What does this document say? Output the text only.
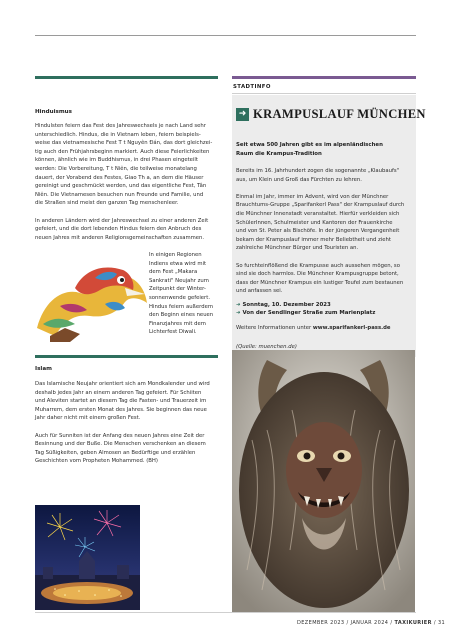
STADTINFO
Hinduismus

Hindulsten feiern das Fest des Jahreswechsels je nach Land sehr

unterschiedlich. Hindus, die in Vietnam leben, feiern beispiels-

weise das vietnamesische Fest T t Nguyên Đán, das dort gleichzei-

tig auch den Frühjahrsbeginn markiert. Auch diese Feierlichkeiten

können, ähnlich wie im Buddhismus, in drei Phasen eingeteilt

werden: Die Vorbereitung, T t Niên, die teilweise monatelang

dauert, der Vorabend des Festes, Giao Th a, an dem die Häuser

gereinigt und geschmückt werden, und das eigentliche Fest, Tân

Niên. Die Vietnamesen besuchen nun Freunde und Familie, und

die Straßen sind meist den ganzen Tag menschenleer.

In anderen Ländern wird der Jahreswechsel zu einer anderen Zeit

gefeiert, und die dort lebenden Hindus feiern den Anbruch des

neuen Jahres mit anderen Religionsgemeinschaften zusammen.

In einigen Regionen

Indiens etwa wird mit

dem Fest „Makara

Sankrati" Neujahr zum

Zeitpunkt der Winter-

sonnenwende gefeiert.

Hindus feiern außerdem

den Beginn eines neuen

Finanzjahres mit dem

Lichterfest Diwali.

Islam

Das Islamische Neujahr orientiert sich am Mondkalender und wird

deshalb jedes Jahr an einem anderen Tag gefeiert. Für Schiiten

und Aleviten startet an diesem Tag die Fasten- und Trauerzeit im

Muharrem, dem ersten Monat des Jahres. Sie beginnen das neue

Jahr daher nicht mit einem großen Fest.

Auch für Sunniten ist der Anfang des neuen Jahres eine Zeit der

Besinnung und der Buße. Die Menschen verschenken an diesem

Tag Süßigkeiten, geben Almosen an Bedürftige und erzählen

Geschichten vom Propheten Mohammed. (BH)

➜ KRAMPUSLAUF MÜNCHEN

Seit etwa 500 Jahren gibt es im alpenländischen

Raum die Krampus-Tradition

Bereits im 16. Jahrhundert zogen die sogenannte „Klaubaufs"

aus, um Klein und Groß das Fürchten zu lehren.

Einmal im Jahr, immer im Advent, wird von der Münchner

Brauchtums-Gruppe „Sparifankerl Pass" der Krampuslauf durch

die Münchner Innenstadt veranstaltet. Hierfür verkleiden sich

SchülerInnen, Schulmeister und Kantoren der Frauenkirche

und von St. Peter als Bischöfe. In der jüngeren Vergangenheit

bekam der Krampuslauf immer mehr Beliebtheit und zieht

zahlreiche Münchner Bürger und Touristen an.

So furchteinflößend die Krampusse auch aussehen mögen, so

sind sie doch harmlos. Die Münchner Krampusgruppe betont,

dass der Münchner Krampus ein lustiger Teufel zum bestaunen

und anfassen sei.

➜ Sonntag, 10. Dezember 2023
➜ Von der Sendlinger Straße zum Marienplatz
Weitere Informationen unter www.sparifankerl-pass.de
(Quelle: muenchen.de)
DEZEMBER 2023 / JANUAR 2024 / TAXIKURIER / 31
